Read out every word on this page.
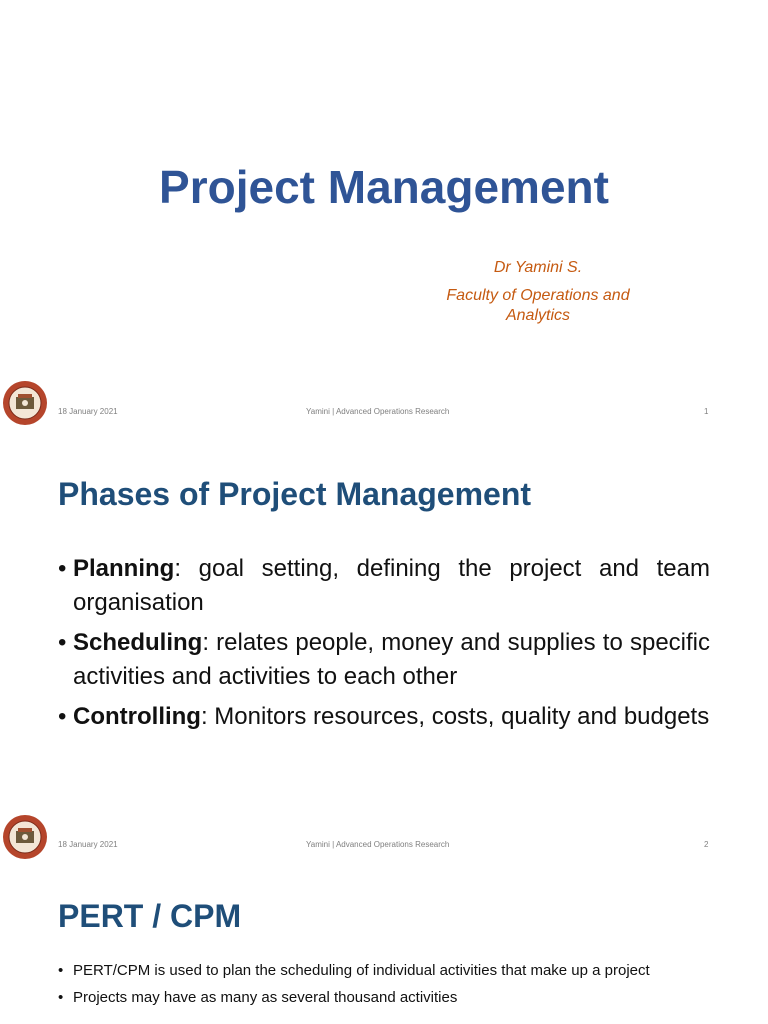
Project Management
Dr Yamini S.
Faculty of Operations and Analytics
18 January 2021	Yamini | Advanced Operations Research	1
Phases of Project Management
• Planning: goal setting, defining the project and team organisation
• Scheduling: relates people, money and supplies to specific activities and activities to each other
• Controlling: Monitors resources, costs, quality and budgets
18 January 2021	Yamini | Advanced Operations Research	2
PERT / CPM
• PERT/CPM is used to plan the scheduling of individual activities that make up a project
• Projects may have as many as several thousand activities
